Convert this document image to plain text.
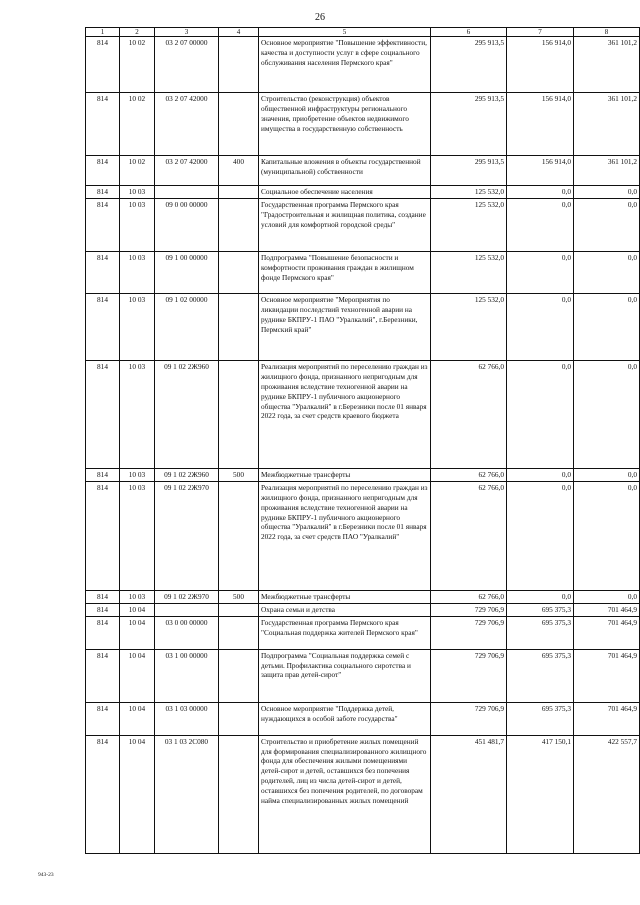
26
1	2	3	4	5	6	7	8
814	10 02	03 2 07 00000		Основное мероприятие "Повышение эффективности, качества и доступности услуг в сфере социального обслуживания населения Пермского края"	295 913,5	156 914,0	361 101,2
814	10 02	03 2 07 42000		Строительство (реконструкция) объектов общественной инфраструктуры регионального значения, приобретение объектов недвижимого имущества в государственную собственность	295 913,5	156 914,0	361 101,2
814	10 02	03 2 07 42000	400	Капитальные вложения в объекты государственной (муниципальной) собственности	295 913,5	156 914,0	361 101,2
814	10 03			Социальное обеспечение населения	125 532,0	0,0	0,0
814	10 03	09 0 00 00000		Государственная программа Пермского края "Градостроительная и жилищная политика, создание условий для комфортной городской среды"	125 532,0	0,0	0,0
814	10 03	09 1 00 00000		Подпрограмма "Повышение безопасности и комфортности проживания граждан в жилищном фонде Пермского края"	125 532,0	0,0	0,0
814	10 03	09 1 02 00000		Основное мероприятие "Мероприятия по ликвидации последствий техногенной аварии на руднике БКПРУ-1 ПАО "Уралкалий", г.Березники, Пермский край"	125 532,0	0,0	0,0
814	10 03	09 1 02 2Ж960		Реализация мероприятий по переселению граждан из жилищного фонда, признанного непригодным для проживания вследствие техногенной аварии на руднике БКПРУ-1 публичного акционерного общества "Уралкалий" в г.Березники после 01 января 2022 года, за счет средств краевого бюджета	62 766,0	0,0	0,0
814	10 03	09 1 02 2Ж960	500	Межбюджетные трансферты	62 766,0	0,0	0,0
814	10 03	09 1 02 2Ж970		Реализация мероприятий по переселению граждан из жилищного фонда, признанного непригодным для проживания вследствие техногенной аварии на руднике БКПРУ-1 публичного акционерного общества "Уралкалий" в г.Березники после 01 января 2022 года, за счет средств ПАО "Уралкалий"	62 766,0	0,0	0,0
814	10 03	09 1 02 2Ж970	500	Межбюджетные трансферты	62 766,0	0,0	0,0
814	10 04			Охрана семьи и детства	729 706,9	695 375,3	701 464,9
814	10 04	03 0 00 00000		Государственная программа Пермского края "Социальная поддержка жителей Пермского края"	729 706,9	695 375,3	701 464,9
814	10 04	03 1 00 00000		Подпрограмма "Социальная поддержка семей с детьми. Профилактика социального сиротства и защита прав детей-сирот"	729 706,9	695 375,3	701 464,9
814	10 04	03 1 03 00000		Основное мероприятие "Поддержка детей, нуждающихся в особой заботе государства"	729 706,9	695 375,3	701 464,9
814	10 04	03 1 03 2С080		Строительство и приобретение жилых помещений для формирования специализированного жилищного фонда для обеспечения жилыми помещениями детей-сирот и детей, оставшихся без попечения родителей, лиц из числа детей-сирот и детей, оставшихся без попечения родителей, по договорам найма специализированных жилых помещений	451 481,7	417 150,1	422 557,7
943-23
